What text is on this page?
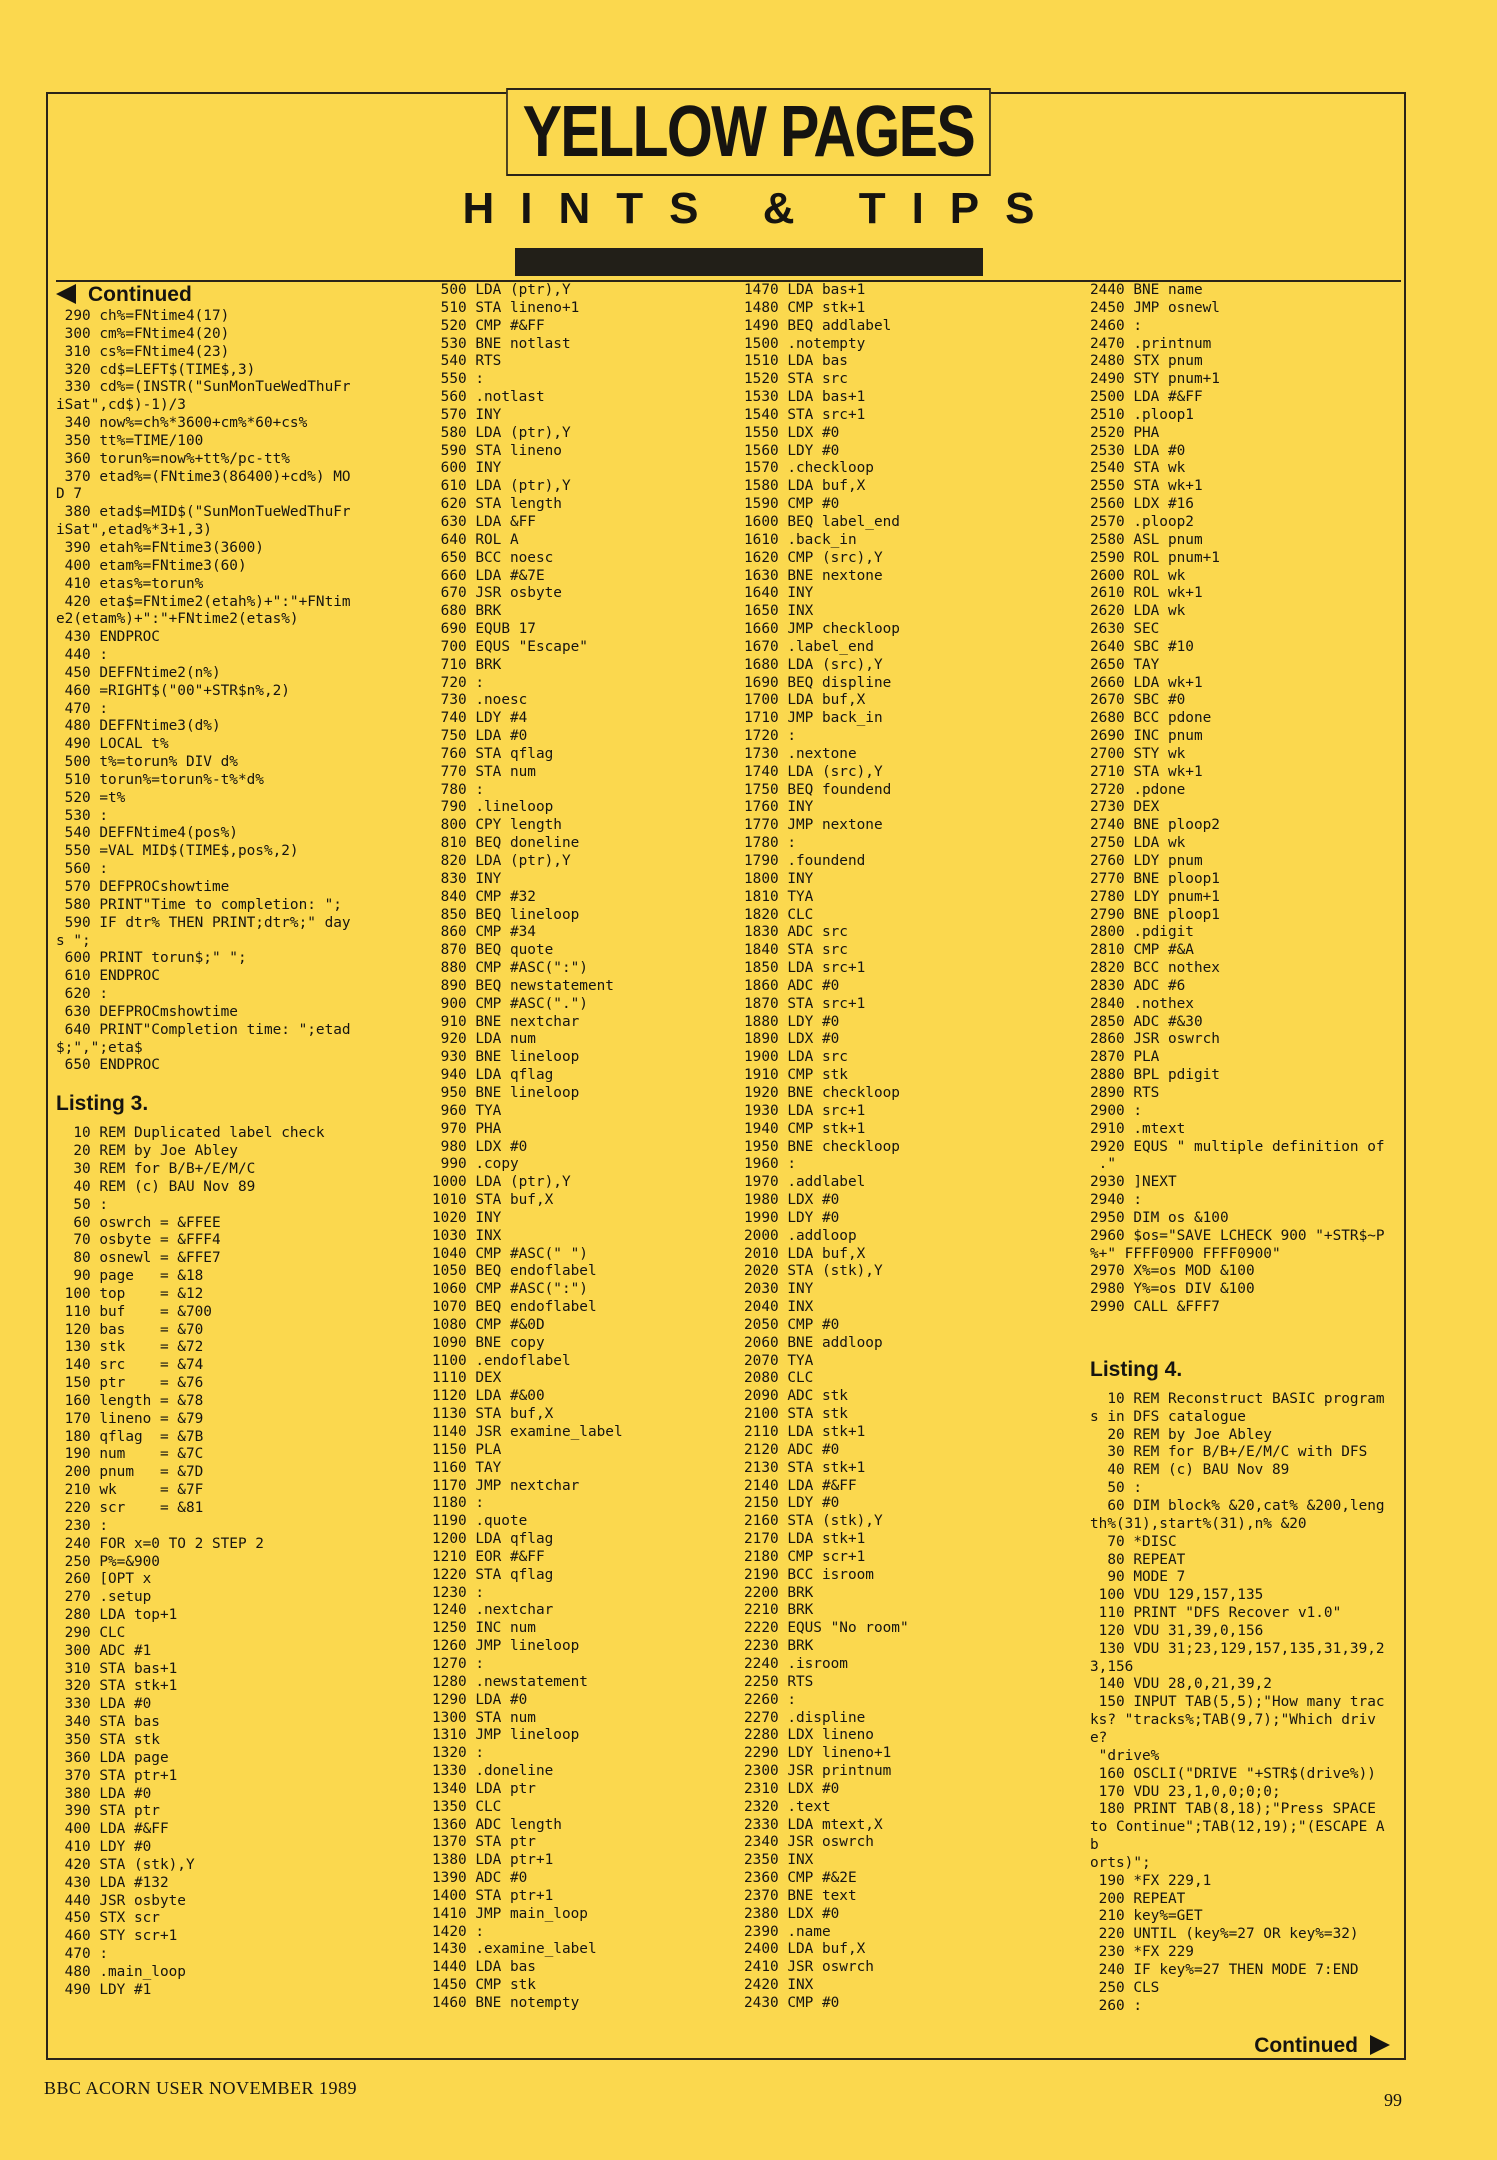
YELLOW PAGES
HINTS & TIPS
Continued
290 ch%=FNtime4(17)
300 cm%=FNtime4(20)
310 cs%=FNtime4(23)
320 cd$=LEFT$(TIME$,3)
330 cd%=(INSTR("SunMonTueWedThuFr
iSat",cd$)-1)/3
340 now%=ch%*3600+cm%*60+cs%
350 tt%=TIME/100
360 torun%=now%+tt%/pc-tt%
370 etad%=(FNtime3(86400)+cd%) MO
D 7
380 etad$=MID$("SunMonTueWedThuFr
iSat",etad%*3+1,3)
390 etah%=FNtime3(3600)
400 etam%=FNtime3(60)
410 etas%=torun%
420 eta$=FNtime2(etah%)+":"+FNtim
e2(etam%)+":"+FNtime2(etas%)
430 ENDPROC
440 :
450 DEFFNtime2(n%)
460 =RIGHT$("00"+STR$n%,2)
470 :
480 DEFFNtime3(d%)
490 LOCAL t%
500 t%=torun% DIV d%
510 torun%=torun%-t%*d%
520 =t%
530 :
540 DEFFNtime4(pos%)
550 =VAL MID$(TIME$,pos%,2)
560 :
570 DEFPROCshowtime
580 PRINT"Time to completion: ";
590 IF dtr% THEN PRINT;dtr%;" day
s ";
600 PRINT torun$;" ";
610 ENDPROC
620 :
630 DEFPROCmshowtime
640 PRINT"Completion time: ";etad
$;",";eta$
650 ENDPROC
Listing 3.
10 REM Duplicated label check
20 REM by Joe Abley
30 REM for B/B+/E/M/C
40 REM (c) BAU Nov 89
50 :
60 oswrch = &FFEE
70 osbyte = &FFF4
80 osnewl = &FFE7
90 page   = &18
100 top    = &12
110 buf    = &700
120 bas    = &70
130 stk    = &72
140 src    = &74
150 ptr    = &76
160 length = &78
170 lineno = &79
180 qflag  = &7B
190 num    = &7C
200 pnum   = &7D
210 wk     = &7F
220 scr    = &81
230 :
240 FOR x=0 TO 2 STEP 2
250 P%=&900
260 [OPT x
270 .setup
280 LDA top+1
290 CLC
300 ADC #1
310 STA bas+1
320 STA stk+1
330 LDA #0
340 STA bas
350 STA stk
360 LDA page
370 STA ptr+1
380 LDA #0
390 STA ptr
400 LDA #&FF
410 LDY #0
420 STA (stk),Y
430 LDA #132
440 JSR osbyte
450 STX scr
460 STY scr+1
470 :
480 .main_loop
490 LDY #1
500 LDA (ptr),Y
510 STA lineno+1
520 CMP #&FF
530 BNE notlast
540 RTS
550 :
560 .notlast
570 INY
580 LDA (ptr),Y
590 STA lineno
600 INY
610 LDA (ptr),Y
620 STA length
630 LDA &FF
640 ROL A
650 BCC noesc
660 LDA #&7E
670 JSR osbyte
680 BRK
690 EQUB 17
700 EQUS "Escape"
710 BRK
720 :
730 .noesc
740 LDY #4
750 LDA #0
760 STA qflag
770 STA num
780 :
790 .lineloop
800 CPY length
810 BEQ doneline
820 LDA (ptr),Y
830 INY
840 CMP #32
850 BEQ lineloop
860 CMP #34
870 BEQ quote
880 CMP #ASC(":")
890 BEQ newstatement
900 CMP #ASC(".")
910 BNE nextchar
920 LDA num
930 BNE lineloop
940 LDA qflag
950 BNE lineloop
960 TYA
970 PHA
980 LDX #0
990 .copy
1000 LDA (ptr),Y
1010 STA buf,X
1020 INY
1030 INX
1040 CMP #ASC(" ")
1050 BEQ endoflabel
1060 CMP #ASC(":")
1070 BEQ endoflabel
1080 CMP #&0D
1090 BNE copy
1100 .endoflabel
1110 DEX
1120 LDA #&00
1130 STA buf,X
1140 JSR examine_label
1150 PLA
1160 TAY
1170 JMP nextchar
1180 :
1190 .quote
1200 LDA qflag
1210 EOR #&FF
1220 STA qflag
1230 :
1240 .nextchar
1250 INC num
1260 JMP lineloop
1270 :
1280 .newstatement
1290 LDA #0
1300 STA num
1310 JMP lineloop
1320 :
1330 .doneline
1340 LDA ptr
1350 CLC
1360 ADC length
1370 STA ptr
1380 LDA ptr+1
1390 ADC #0
1400 STA ptr+1
1410 JMP main_loop
1420 :
1430 .examine_label
1440 LDA bas
1450 CMP stk
1460 BNE notempty
1470 LDA bas+1
1480 CMP stk+1
1490 BEQ addlabel
1500 .notempty
1510 LDA bas
1520 STA src
1530 LDA bas+1
1540 STA src+1
1550 LDX #0
1560 LDY #0
1570 .checkloop
1580 LDA buf,X
1590 CMP #0
1600 BEQ label_end
1610 .back_in
1620 CMP (src),Y
1630 BNE nextone
1640 INY
1650 INX
1660 JMP checkloop
1670 .label_end
1680 LDA (src),Y
1690 BEQ displine
1700 LDA buf,X
1710 JMP back_in
1720 :
1730 .nextone
1740 LDA (src),Y
1750 BEQ foundend
1760 INY
1770 JMP nextone
1780 :
1790 .foundend
1800 INY
1810 TYA
1820 CLC
1830 ADC src
1840 STA src
1850 LDA src+1
1860 ADC #0
1870 STA src+1
1880 LDY #0
1890 LDX #0
1900 LDA src
1910 CMP stk
1920 BNE checkloop
1930 LDA src+1
1940 CMP stk+1
1950 BNE checkloop
1960 :
1970 .addlabel
1980 LDX #0
1990 LDY #0
2000 .addloop
2010 LDA buf,X
2020 STA (stk),Y
2030 INY
2040 INX
2050 CMP #0
2060 BNE addloop
2070 TYA
2080 CLC
2090 ADC stk
2100 STA stk
2110 LDA stk+1
2120 ADC #0
2130 STA stk+1
2140 LDA #&FF
2150 LDY #0
2160 STA (stk),Y
2170 LDA stk+1
2180 CMP scr+1
2190 BCC isroom
2200 BRK
2210 BRK
2220 EQUS "No room"
2230 BRK
2240 .isroom
2250 RTS
2260 :
2270 .displine
2280 LDX lineno
2290 LDY lineno+1
2300 JSR printnum
2310 LDX #0
2320 .text
2330 LDA mtext,X
2340 JSR oswrch
2350 INX
2360 CMP #&2E
2370 BNE text
2380 LDX #0
2390 .name
2400 LDA buf,X
2410 JSR oswrch
2420 INX
2430 CMP #0
2440 BNE name
2450 JMP osnewl
2460 :
2470 .printnum
2480 STX pnum
2490 STY pnum+1
2500 LDA #&FF
2510 .ploop1
2520 PHA
2530 LDA #0
2540 STA wk
2550 STA wk+1
2560 LDX #16
2570 .ploop2
2580 ASL pnum
2590 ROL pnum+1
2600 ROL wk
2610 ROL wk+1
2620 LDA wk
2630 SEC
2640 SBC #10
2650 TAY
2660 LDA wk+1
2670 SBC #0
2680 BCC pdone
2690 INC pnum
2700 STY wk
2710 STA wk+1
2720 .pdone
2730 DEX
2740 BNE ploop2
2750 LDA wk
2760 LDY pnum
2770 BNE ploop1
2780 LDY pnum+1
2790 BNE ploop1
2800 .pdigit
2810 CMP #&A
2820 BCC nothex
2830 ADC #6
2840 .nothex
2850 ADC #&30
2860 JSR oswrch
2870 PLA
2880 BPL pdigit
2890 RTS
2900 :
2910 .mtext
2920 EQUS " multiple definition of
."
2930 ]NEXT
2940 :
2950 DIM os &100
2960 $os="SAVE LCHECK 900 "+STR$~P
%+" FFFF0900 FFFF0900"
2970 X%=os MOD &100
2980 Y%=os DIV &100
2990 CALL &FFF7
Listing 4.
10 REM Reconstruct BASIC program
s in DFS catalogue
20 REM by Joe Abley
30 REM for B/B+/E/M/C with DFS
40 REM (c) BAU Nov 89
50 :
60 DIM block% &20,cat% &200,leng
th%(31),start%(31),n% &20
70 *DISC
80 REPEAT
90 MODE 7
100 VDU 129,157,135
110 PRINT "DFS Recover v1.0"
120 VDU 31,39,0,156
130 VDU 31;23,129,157,135,31,39,2
3,156
140 VDU 28,0,21,39,2
150 INPUT TAB(5,5);"How many trac
ks? "tracks%;TAB(9,7);"Which drive?
"drive%
160 OSCLI("DRIVE "+STR$(drive%))
170 VDU 23,1,0,0;0;0;
180 PRINT TAB(8,18);"Press SPACE
to Continue";TAB(12,19);"(ESCAPE Ab
orts)";
190 *FX 229,1
200 REPEAT
210 key%=GET
220 UNTIL (key%=27 OR key%=32)
230 *FX 229
240 IF key%=27 THEN MODE 7:END
250 CLS
260 :
Continued
BBC ACORN USER NOVEMBER 1989
99
